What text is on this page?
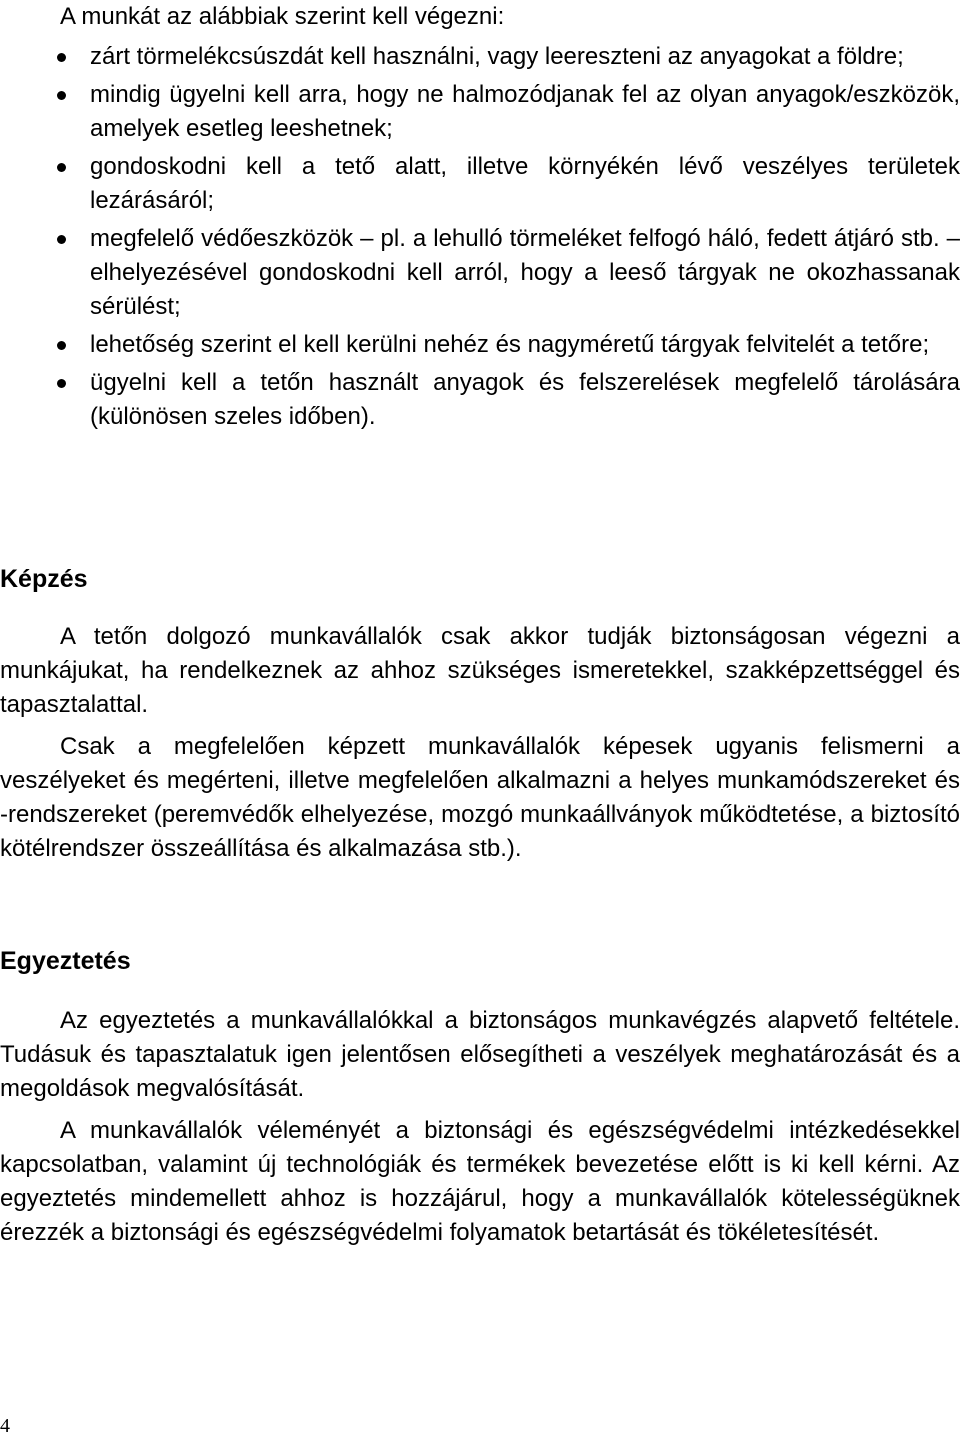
A munkát az alábbiak szerint kell végezni:
zárt törmelékcsúszdát kell használni, vagy leereszteni az anyagokat a földre;
mindig ügyelni kell arra, hogy ne halmozódjanak fel az olyan anyagok/eszközök, amelyek esetleg leeshetnek;
gondoskodni kell a tető alatt, illetve környékén lévő veszélyes területek lezárásáról;
megfelelő védőeszközök – pl. a lehulló törmeléket felfogó háló, fedett átjáró stb. – elhelyezésével gondoskodni kell arról, hogy a leeső tárgyak ne okozhassanak sérülést;
lehetőség szerint el kell kerülni nehéz és nagyméretű tárgyak felvitelét a tetőre;
ügyelni kell a tetőn használt anyagok és felszerelések megfelelő tárolására (különösen szeles időben).
Képzés

A tetőn dolgozó munkavállalók csak akkor tudják biztonságosan végezni a munkájukat, ha rendelkeznek az ahhoz szükséges ismeretekkel, szakképzettséggel és tapasztalattal.

Csak a megfelelően képzett munkavállalók képesek ugyanis felismerni a veszélyeket és megérteni, illetve megfelelően alkalmazni a helyes munkamódszereket és -rendszereket (peremvédők elhelyezése, mozgó munkaállványok működtetése, a biztosító kötélrendszer összeállítása és alkalmazása stb.).

Egyeztetés

Az egyeztetés a munkavállalókkal a biztonságos munkavégzés alapvető feltétele. Tudásuk és tapasztalatuk igen jelentősen elősegítheti a veszélyek meghatározását és a megoldások megvalósítását.

A munkavállalók véleményét a biztonsági és egészségvédelmi intézkedésekkel kapcsolatban, valamint új technológiák és termékek bevezetése előtt is ki kell kérni. Az egyeztetés mindemellett ahhoz is hozzájárul, hogy a munkavállalók kötelességüknek érezzék a biztonsági és egészségvédelmi folyamatok betartását és tökéletesítését.

4
